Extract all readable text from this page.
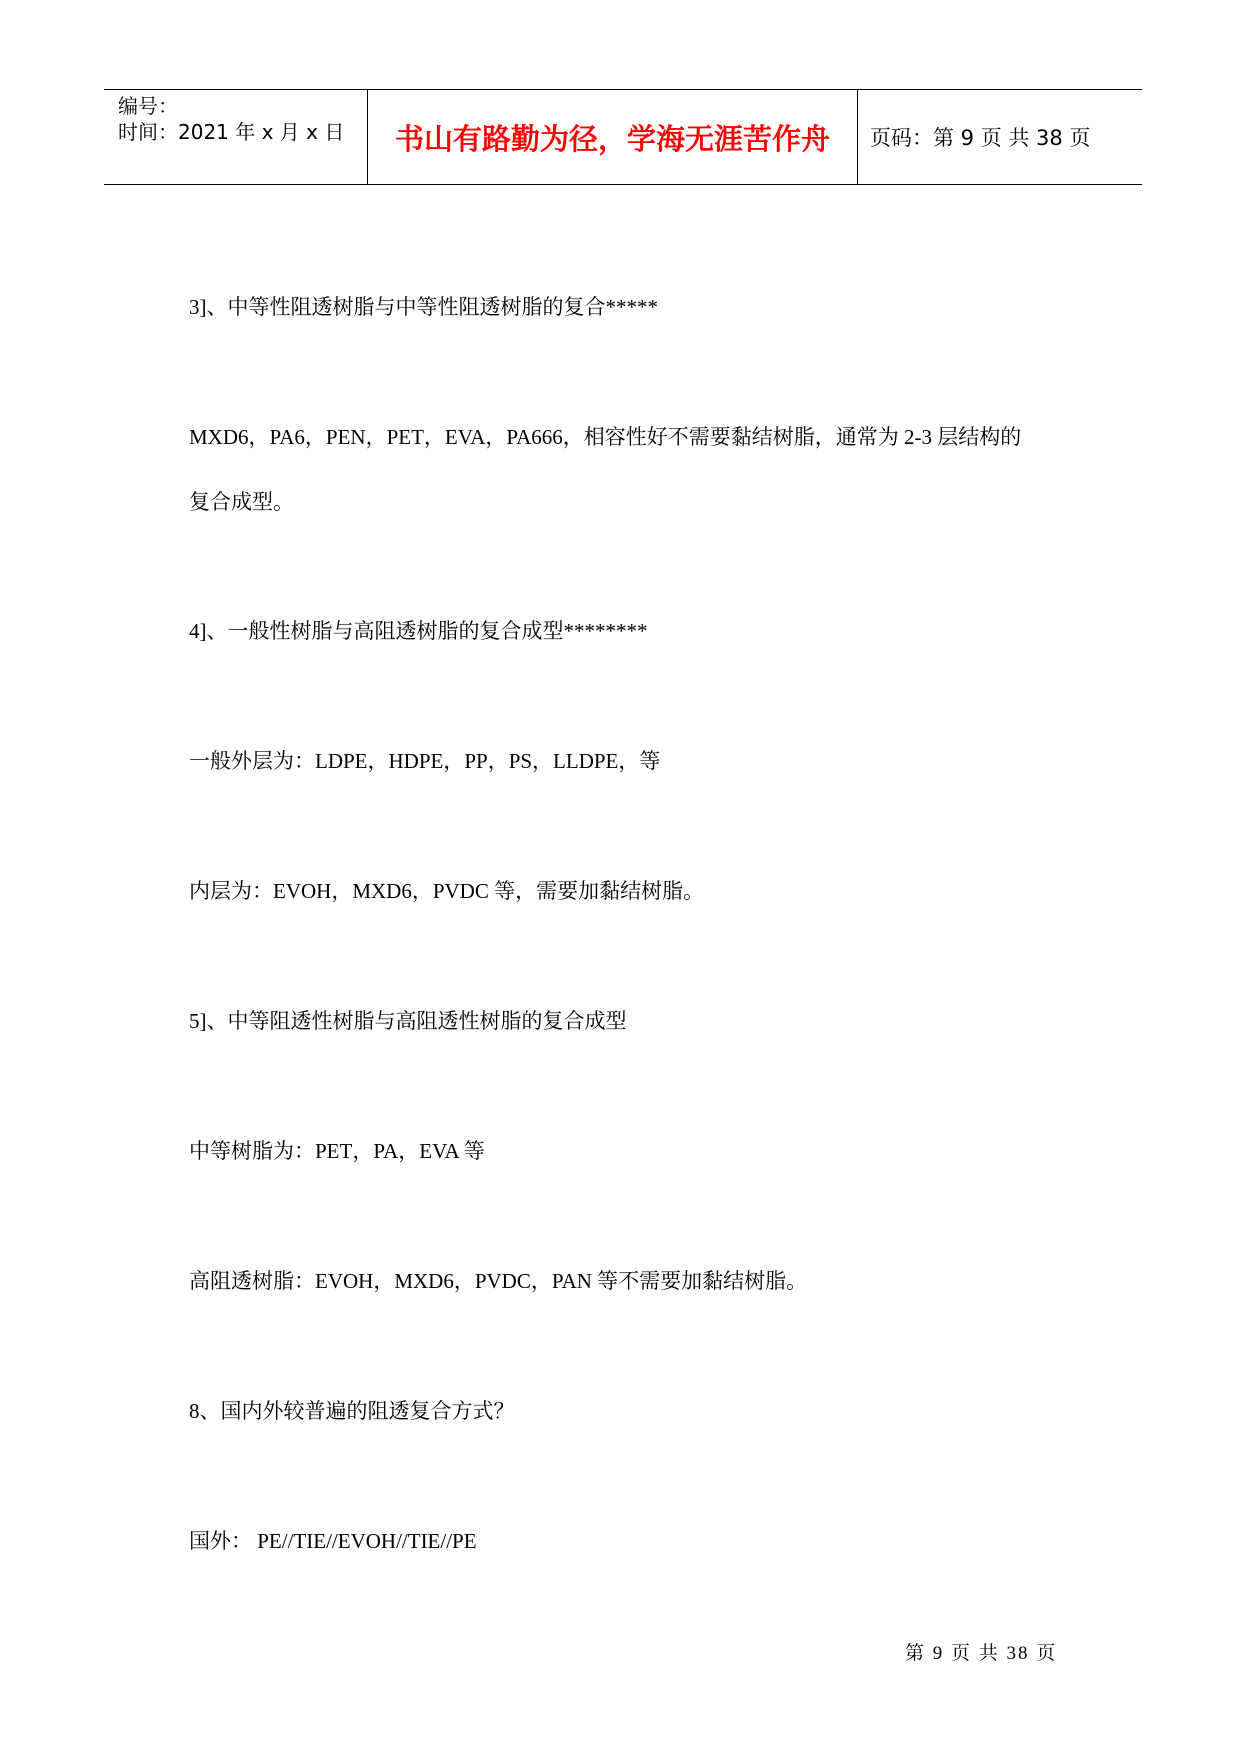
编号：
时间：2021 年 x 月 x 日 书山有路勤为径，学海无涯苦作舟 页码：第 9 页 共 38 页
3]、中等性阻透树脂与中等性阻透树脂的复合*****
MXD6，PA6，PEN，PET，EVA，PA666，相容性好不需要黏结树脂，通常为 2-3 层结构的
复合成型。
4]、一般性树脂与高阻透树脂的复合成型********
一般外层为：LDPE，HDPE，PP，PS，LLDPE，等
内层为：EVOH，MXD6，PVDC 等，需要加黏结树脂。
5]、中等阻透性树脂与高阻透性树脂的复合成型
中等树脂为：PET，PA，EVA 等
高阻透树脂：EVOH，MXD6，PVDC，PAN 等不需要加黏结树脂。
8、国内外较普遍的阻透复合方式？
国外： PE//TIE//EVOH//TIE//PE
第 9 页 共 38 页
